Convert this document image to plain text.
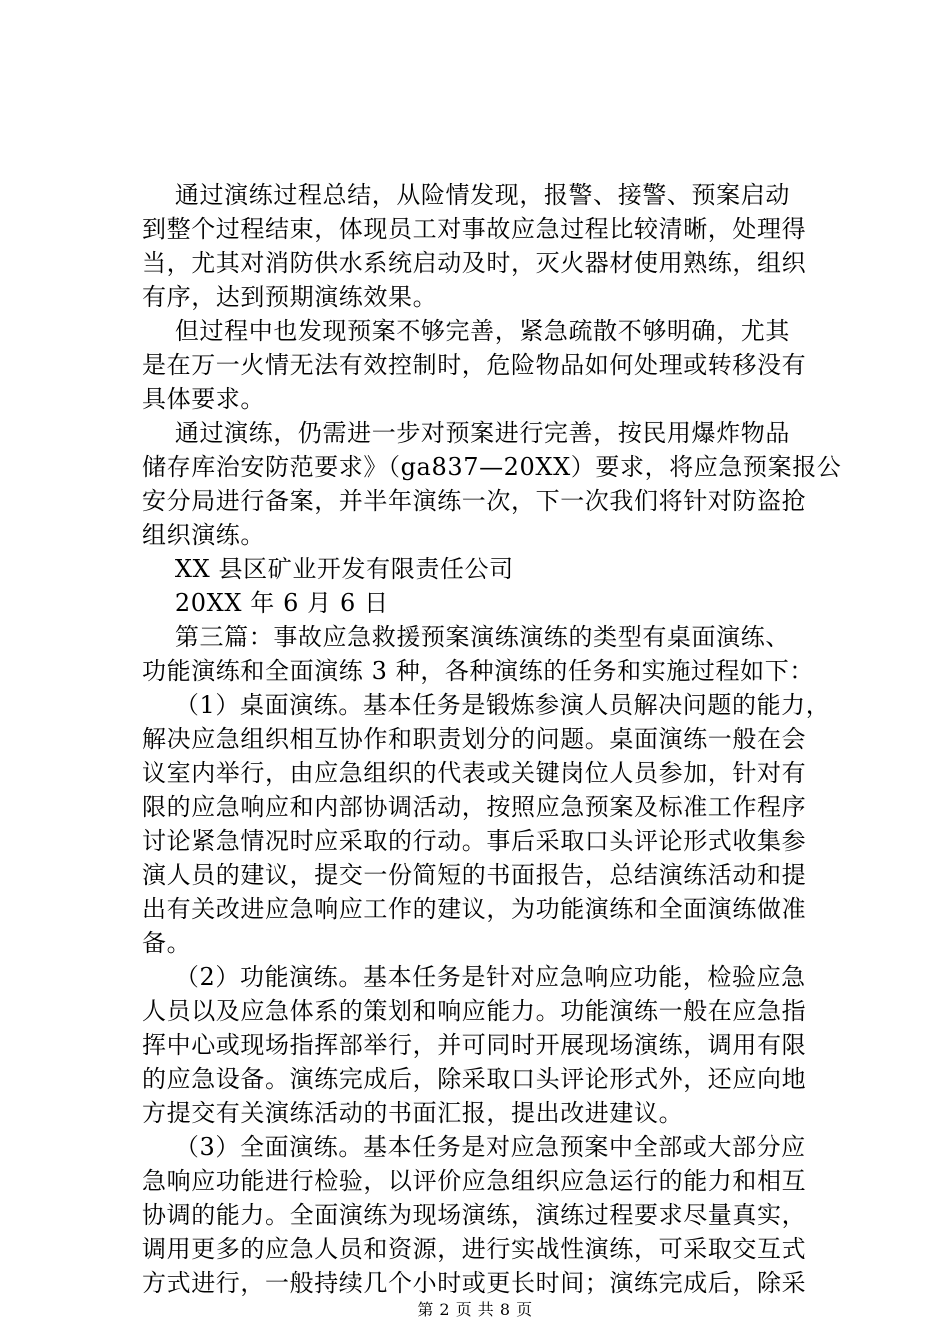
通过演练过程总结，从险情发现，报警、接警、预案启动
到整个过程结束，体现员工对事故应急过程比较清晰，处理得
当，尤其对消防供水系统启动及时，灭火器材使用熟练，组织
有序，达到预期演练效果。
但过程中也发现预案不够完善，紧急疏散不够明确，尤其
是在万一火情无法有效控制时，危险物品如何处理或转移没有
具体要求。
通过演练，仍需进一步对预案进行完善，按民用爆炸物品
储存库治安防范要求》（ga837—20XX）要求，将应急预案报公
安分局进行备案，并半年演练一次，下一次我们将针对防盗抢
组织演练。
XX 县区矿业开发有限责任公司
20XX 年 6 月 6 日
第三篇：事故应急救援预案演练演练的类型有桌面演练、
功能演练和全面演练 3 种，各种演练的任务和实施过程如下：
（1）桌面演练。基本任务是锻炼参演人员解决问题的能力，
解决应急组织相互协作和职责划分的问题。桌面演练一般在会
议室内举行，由应急组织的代表或关键岗位人员参加，针对有
限的应急响应和内部协调活动，按照应急预案及标准工作程序
讨论紧急情况时应采取的行动。事后采取口头评论形式收集参
演人员的建议，提交一份简短的书面报告，总结演练活动和提
出有关改进应急响应工作的建议，为功能演练和全面演练做准
备。
（2）功能演练。基本任务是针对应急响应功能，检验应急
人员以及应急体系的策划和响应能力。功能演练一般在应急指
挥中心或现场指挥部举行，并可同时开展现场演练，调用有限
的应急设备。演练完成后，除采取口头评论形式外，还应向地
方提交有关演练活动的书面汇报，提出改进建议。
（3）全面演练。基本任务是对应急预案中全部或大部分应
急响应功能进行检验，以评价应急组织应急运行的能力和相互
协调的能力。全面演练为现场演练，演练过程要求尽量真实，
调用更多的应急人员和资源，进行实战性演练，可采取交互式
方式进行，一般持续几个小时或更长时间；演练完成后，除采
第 2 页 共 8 页
